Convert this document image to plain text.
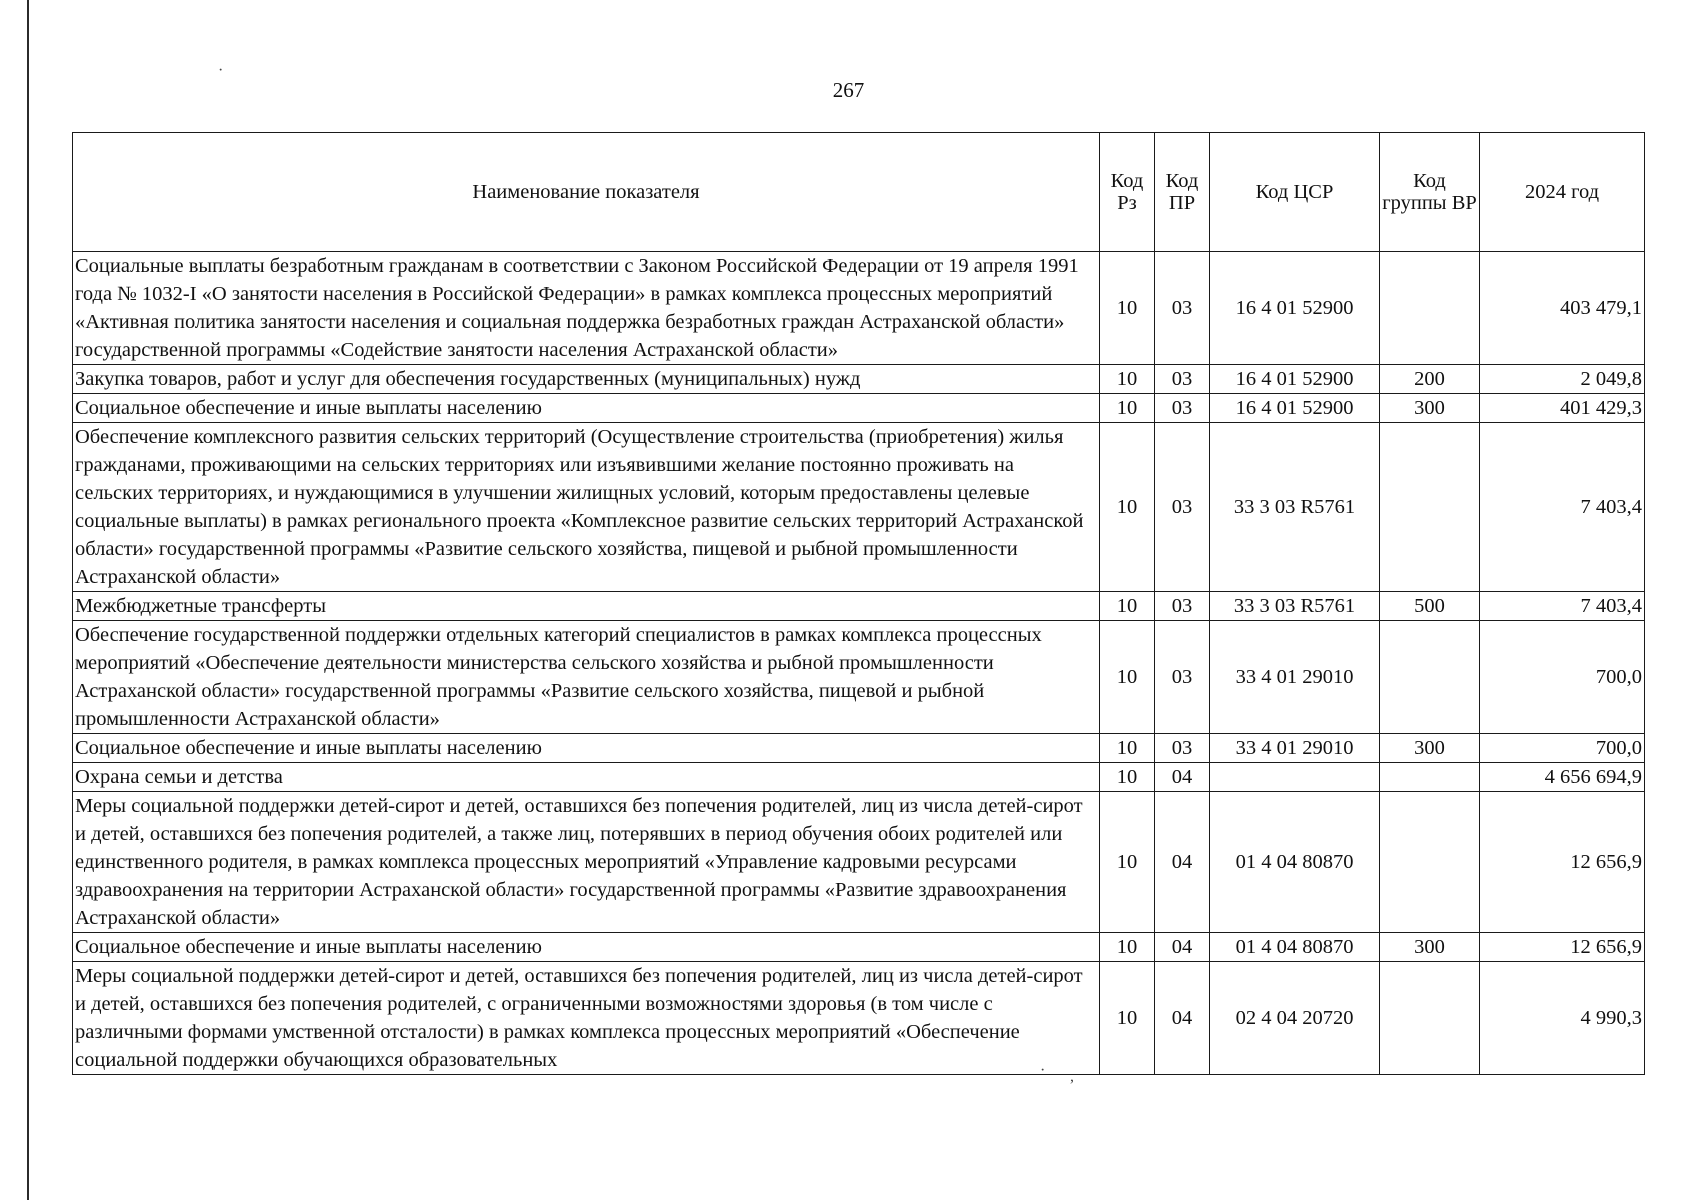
267
Наименование показателя	Код Рз	Код ПР	Код ЦСР	Код группы ВР	2024 год
Социальные выплаты безработным гражданам в соответствии с Законом Российской Федерации от 19 апреля 1991 года № 1032-I «О занятости населения в Российской Федерации» в рамках комплекса процессных мероприятий «Активная политика занятости населения и социальная поддержка безработных граждан Астраханской области» государственной программы «Содействие занятости населения Астраханской области»	10	03	16 4 01 52900		403 479,1
Закупка товаров, работ и услуг для обеспечения государственных (муниципальных) нужд	10	03	16 4 01 52900	200	2 049,8
Социальное обеспечение и иные выплаты населению	10	03	16 4 01 52900	300	401 429,3
Обеспечение комплексного развития сельских территорий (Осуществление строительства (приобретения) жилья гражданами, проживающими на сельских территориях или изъявившими желание постоянно проживать на сельских территориях, и нуждающимися в улучшении жилищных условий, которым предоставлены целевые социальные выплаты) в рамках регионального проекта «Комплексное развитие сельских территорий Астраханской области» государственной программы «Развитие сельского хозяйства, пищевой и рыбной промышленности Астраханской области»	10	03	33 3 03 R5761		7 403,4
Межбюджетные трансферты	10	03	33 3 03 R5761	500	7 403,4
Обеспечение государственной поддержки отдельных категорий специалистов в рамках комплекса процессных мероприятий «Обеспечение деятельности министерства сельского хозяйства и рыбной промышленности Астраханской области» государственной программы «Развитие сельского хозяйства, пищевой и рыбной промышленности Астраханской области»	10	03	33 4 01 29010		700,0
Социальное обеспечение и иные выплаты населению	10	03	33 4 01 29010	300	700,0
Охрана семьи и детства	10	04			4 656 694,9
Меры социальной поддержки детей-сирот и детей, оставшихся без попечения родителей, лиц из числа детей-сирот и детей, оставшихся без попечения родителей, а также лиц, потерявших в период обучения обоих родителей или единственного родителя, в рамках комплекса процессных мероприятий «Управление кадровыми ресурсами здравоохранения на территории Астраханской области» государственной программы «Развитие здравоохранения Астраханской области»	10	04	01 4 04 80870		12 656,9
Социальное обеспечение и иные выплаты населению	10	04	01 4 04 80870	300	12 656,9
Меры социальной поддержки детей-сирот и детей, оставшихся без попечения родителей, лиц из числа детей-сирот и детей, оставшихся без попечения родителей, с ограниченными возможностями здоровья (в том числе с различными формами умственной отсталости) в рамках комплекса процессных мероприятий «Обеспечение социальной поддержки обучающихся образовательных	10	04	02 4 04 20720		4 990,3
·
· ,
